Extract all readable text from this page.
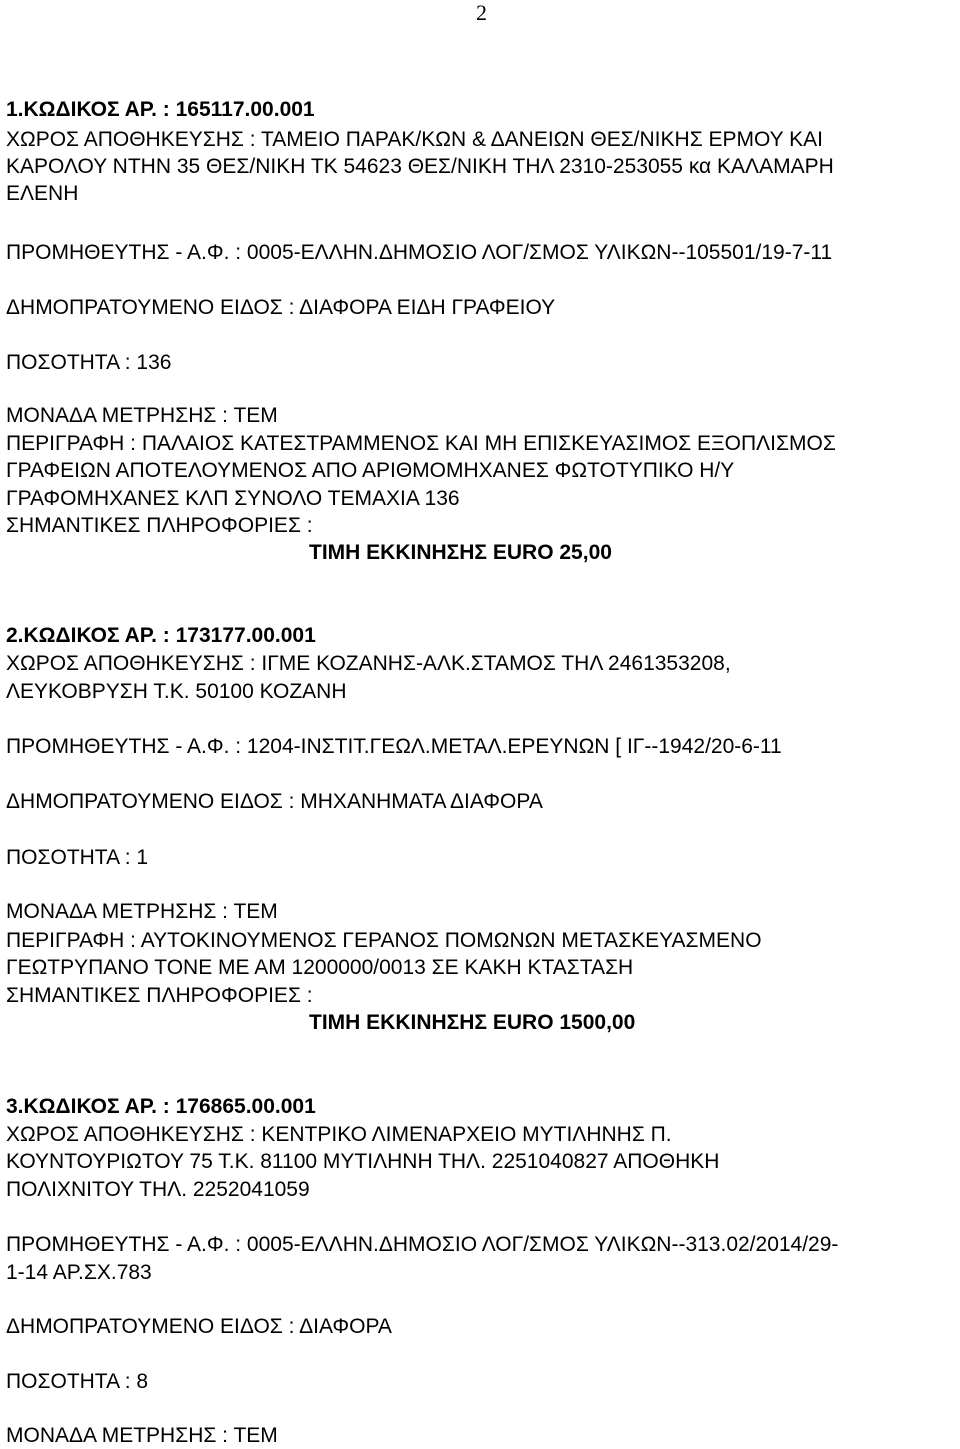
2
1.ΚΩΔΙΚΟΣ ΑΡ. : 165117.00.001
ΧΩΡΟΣ ΑΠΟΘΗΚΕΥΣΗΣ : ΤΑΜΕΙΟ ΠΑΡΑΚ/ΚΩΝ & ΔΑΝΕΙΩΝ ΘΕΣ/ΝΙΚΗΣ ΕΡΜΟΥ ΚΑΙ
ΚΑΡΟΛΟΥ ΝΤΗΝ 35 ΘΕΣ/ΝΙΚΗ ΤΚ 54623 ΘΕΣ/ΝΙΚΗ ΤΗΛ 2310-253055 κα ΚΑΛΑΜΑΡΗ
ΕΛΕΝΗ
ΠΡΟΜΗΘΕΥΤΗΣ - Α.Φ. : 0005-ΕΛΛΗΝ.ΔΗΜΟΣΙΟ ΛΟΓ/ΣΜΟΣ ΥΛΙΚΩΝ--105501/19-7-11
ΔΗΜΟΠΡΑΤΟΥΜΕΝΟ ΕΙΔΟΣ : ΔΙΑΦΟΡΑ ΕΙΔΗ ΓΡΑΦΕΙΟΥ
ΠΟΣΟΤΗΤΑ : 136
ΜΟΝΑΔΑ ΜΕΤΡΗΣΗΣ : ΤΕΜ
ΠΕΡΙΓΡΑΦΗ : ΠΑΛΑΙΟΣ ΚΑΤΕΣΤΡΑΜΜΕΝΟΣ ΚΑΙ ΜΗ ΕΠΙΣΚΕΥΑΣΙΜΟΣ ΕΞΟΠΛΙΣΜΟΣ
ΓΡΑΦΕΙΩΝ ΑΠΟΤΕΛΟΥΜΕΝΟΣ ΑΠΟ ΑΡΙΘΜΟΜΗΧΑΝΕΣ ΦΩΤΟΤΥΠΙΚΟ Η/Υ
ΓΡΑΦΟΜΗΧΑΝΕΣ ΚΛΠ ΣΥΝΟΛΟ ΤΕΜΑΧΙΑ 136
ΣΗΜΑΝΤΙΚΕΣ ΠΛΗΡΟΦΟΡΙΕΣ :
ΤΙΜΗ ΕΚΚΙΝΗΣΗΣ EURO 25,00
2.ΚΩΔΙΚΟΣ ΑΡ. : 173177.00.001
ΧΩΡΟΣ ΑΠΟΘΗΚΕΥΣΗΣ : ΙΓΜΕ ΚΟΖΑΝΗΣ-ΑΛΚ.ΣΤΑΜΟΣ ΤΗΛ 2461353208,
ΛΕΥΚΟΒΡΥΣΗ Τ.Κ. 50100 ΚΟΖΑΝΗ
ΠΡΟΜΗΘΕΥΤΗΣ - Α.Φ. : 1204-ΙΝΣΤΙΤ.ΓΕΩΛ.ΜΕΤΑΛ.ΕΡΕΥΝΩΝ [ ΙΓ--1942/20-6-11
ΔΗΜΟΠΡΑΤΟΥΜΕΝΟ ΕΙΔΟΣ : ΜΗΧΑΝΗΜΑΤΑ ΔΙΑΦΟΡΑ
ΠΟΣΟΤΗΤΑ : 1
ΜΟΝΑΔΑ ΜΕΤΡΗΣΗΣ : ΤΕΜ
ΠΕΡΙΓΡΑΦΗ : ΑΥΤΟΚΙΝΟΥΜΕΝΟΣ ΓΕΡΑΝΟΣ ΠΟΜΩΝΩΝ ΜΕΤΑΣΚΕΥΑΣΜΕΝΟ
ΓΕΩΤΡΥΠΑΝΟ ΤΟΝΕ ΜΕ ΑΜ 1200000/0013 ΣΕ ΚΑΚΗ ΚΤΑΣΤΑΣΗ
ΣΗΜΑΝΤΙΚΕΣ ΠΛΗΡΟΦΟΡΙΕΣ :
ΤΙΜΗ ΕΚΚΙΝΗΣΗΣ EURO 1500,00
3.ΚΩΔΙΚΟΣ ΑΡ. : 176865.00.001
ΧΩΡΟΣ ΑΠΟΘΗΚΕΥΣΗΣ : ΚΕΝΤΡΙΚΟ ΛΙΜΕΝΑΡΧΕΙΟ ΜΥΤΙΛΗΝΗΣ Π.
ΚΟΥΝΤΟΥΡΙΩΤΟΥ 75 Τ.Κ. 81100 ΜΥΤΙΛΗΝΗ ΤΗΛ. 2251040827 ΑΠΟΘΗΚΗ
ΠΟΛΙΧΝΙΤΟΥ ΤΗΛ. 2252041059
ΠΡΟΜΗΘΕΥΤΗΣ - Α.Φ. : 0005-ΕΛΛΗΝ.ΔΗΜΟΣΙΟ ΛΟΓ/ΣΜΟΣ ΥΛΙΚΩΝ--313.02/2014/29-
1-14 ΑΡ.ΣΧ.783
ΔΗΜΟΠΡΑΤΟΥΜΕΝΟ ΕΙΔΟΣ : ΔΙΑΦΟΡΑ
ΠΟΣΟΤΗΤΑ : 8
ΜΟΝΑΔΑ ΜΕΤΡΗΣΗΣ : ΤΕΜ
